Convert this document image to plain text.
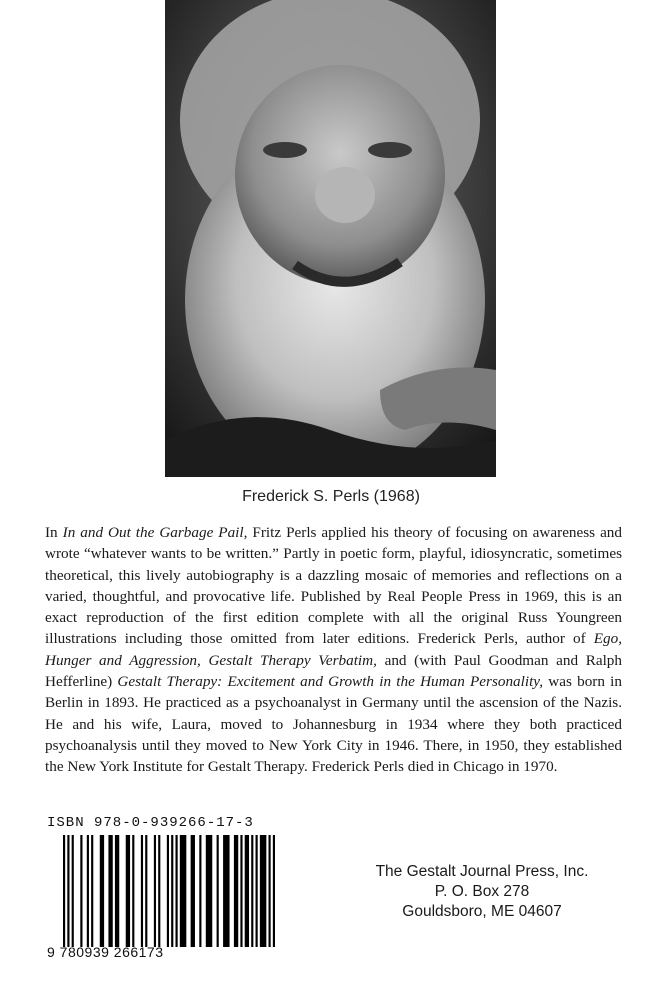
Frederick S. Perls (1968)

In In and Out the Garbage Pail, Fritz Perls applied his theory of focusing on awareness and wrote “whatever wants to be written.” Partly in poetic form, playful, idiosyncratic, sometimes theoretical, this lively autobiography is a dazzling mosaic of memories and reflections on a varied, thoughtful, and provocative life. Published by Real People Press in 1969, this is an exact reproduction of the first edition complete with all the original Russ Youngreen illustrations including those omitted from later editions. Frederick Perls, author of Ego, Hunger and Aggression, Gestalt Therapy Verbatim, and (with Paul Goodman and Ralph Hefferline) Gestalt Therapy: Excitement and Growth in the Human Personality, was born in Berlin in 1893. He practiced as a psychoanalyst in Germany until the ascension of the Nazis. He and his wife, Laura, moved to Johannesburg in 1934 where they both practiced psychoanalysis until they moved to New York City in 1946. There, in 1950, they established the New York Institute for Gestalt Therapy. Frederick Perls died in Chicago in 1970.

ISBN 978-0-939266-17-3
9 780939 266173
The Gestalt Journal Press, Inc.
P. O. Box 278
Gouldsboro, ME 04607
